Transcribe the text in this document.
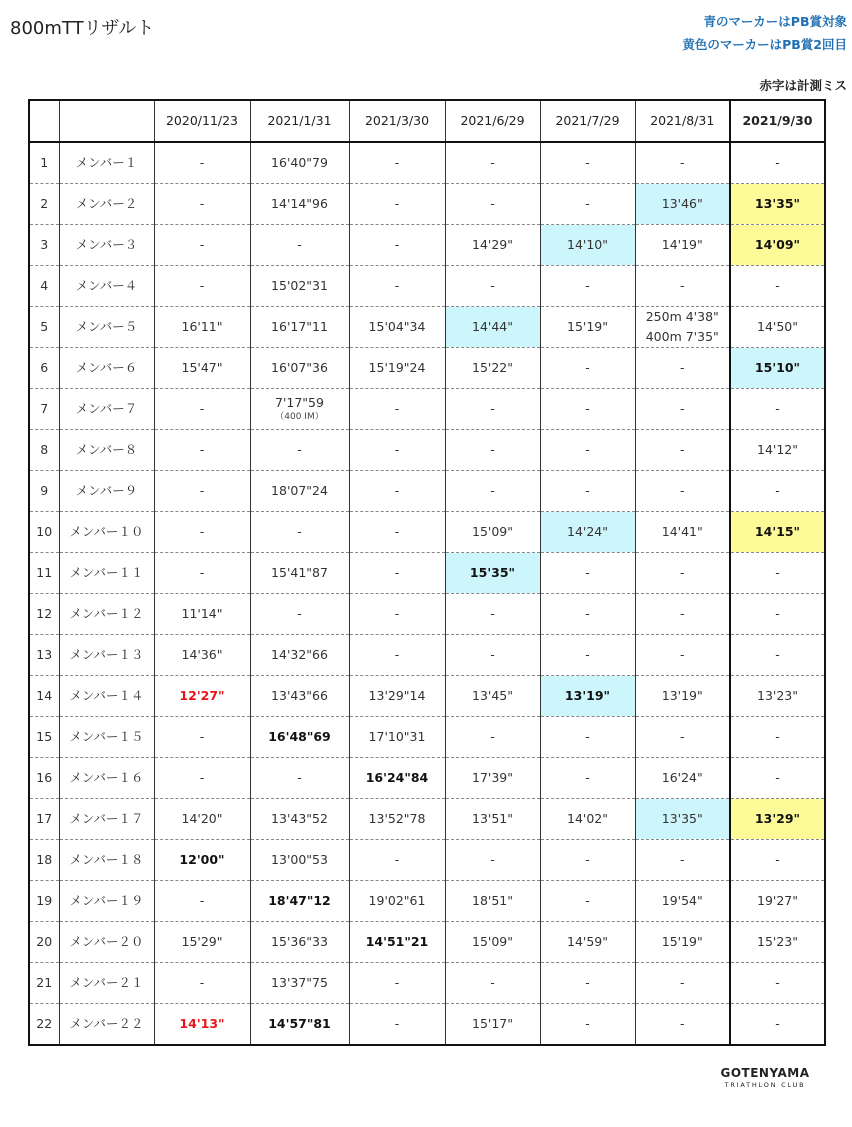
800mTTリザルト	青のマーカーはPB賞対象
黄色のマーカーはPB賞2回目
赤字は計測ミス
		2020/11/23	2021/1/31	2021/3/30	2021/6/29	2021/7/29	2021/8/31	2021/9/30
1	メンバー１	-	16'40"79	-	-	-	-	-
2	メンバー２	-	14'14"96	-	-	-	13'46"	13'35"
3	メンバー３	-	-	-	14'29"	14'10"	14'19"	14'09"
4	メンバー４	-	15'02"31	-	-	-	-	-
5	メンバー５	16'11"	16'17"11	15'04"34	14'44"	15'19"	250m 4'38"
400m 7'35"	14'50"
6	メンバー６	15'47"	16'07"36	15'19"24	15'22"	-	-	15'10"
7	メンバー７	-	7'17"59
（400 IM）	-	-	-	-	-
8	メンバー８	-	-	-	-	-	-	14'12"
9	メンバー９	-	18'07"24	-	-	-	-	-
10	メンバー１０	-	-	-	15'09"	14'24"	14'41"	14'15"
11	メンバー１１	-	15'41"87	-	15'35"	-	-	-
12	メンバー１２	11'14"	-	-	-	-	-	-
13	メンバー１３	14'36"	14'32"66	-	-	-	-	-
14	メンバー１４	12'27"	13'43"66	13'29"14	13'45"	13'19"	13'19"	13'23"
15	メンバー１５	-	16'48"69	17'10"31	-	-	-	-
16	メンバー１６	-	-	16'24"84	17'39"	-	16'24"	-
17	メンバー１７	14'20"	13'43"52	13'52"78	13'51"	14'02"	13'35"	13'29"
18	メンバー１８	12'00"	13'00"53	-	-	-	-	-
19	メンバー１９	-	18'47"12	19'02"61	18'51"	-	19'54"	19'27"
20	メンバー２０	15'29"	15'36"33	14'51"21	15'09"	14'59"	15'19"	15'23"
21	メンバー２１	-	13'37"75	-	-	-	-	-
22	メンバー２２	14'13"	14'57"81	-	15'17"	-	-	-
GOTENYAMA
TRIATHLON CLUB
